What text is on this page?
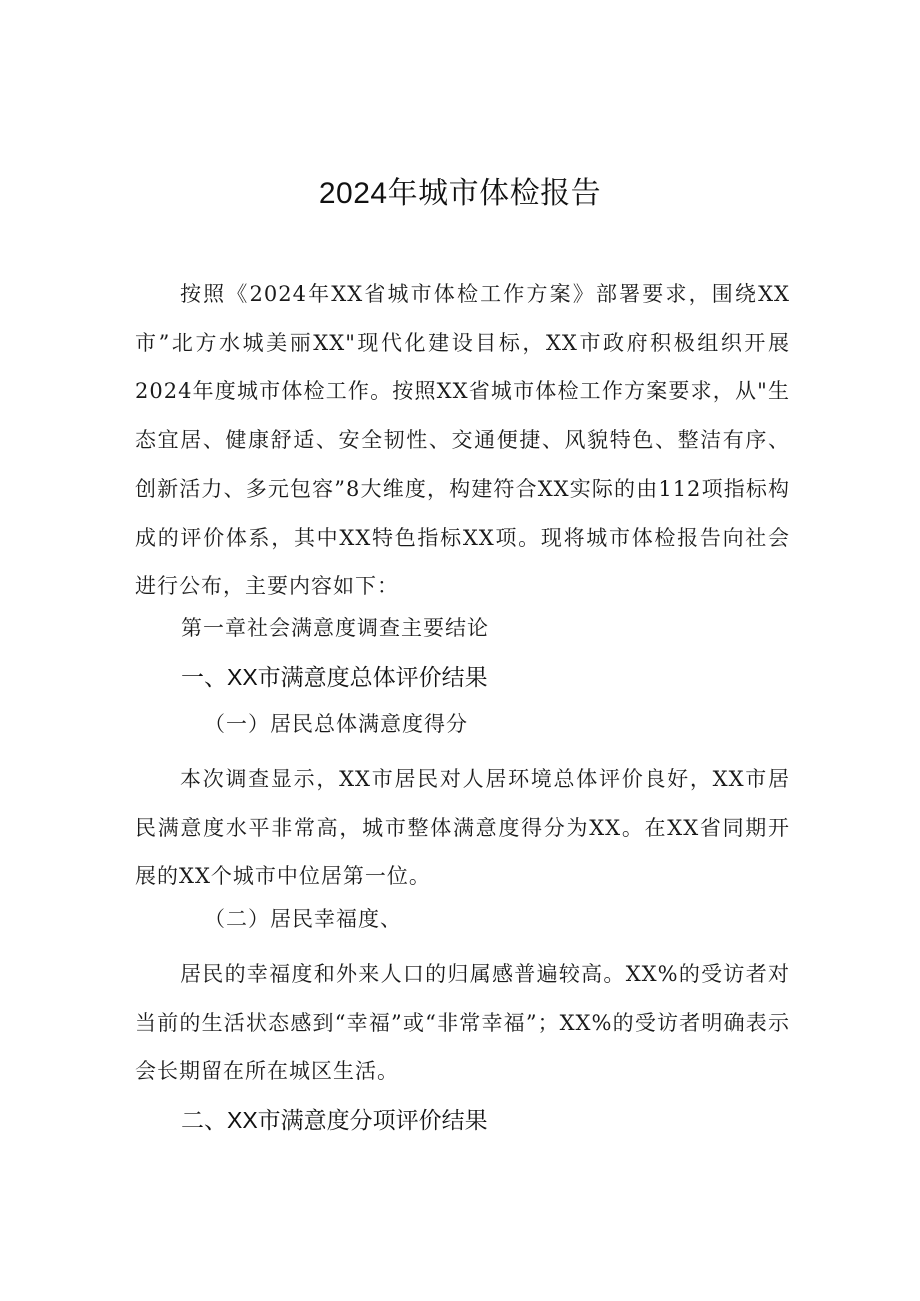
2024年城市体检报告

按照《2024年XX省城市体检工作方案》部署要求，围绕XX市”北方水城美丽XX"现代化建设目标，XX市政府积极组织开展2024年度城市体检工作。按照XX省城市体检工作方案要求，从"生态宜居、健康舒适、安全韧性、交通便捷、风貌特色、整洁有序、创新活力、多元包容”8大维度，构建符合XX实际的由112项指标构成的评价体系，其中XX特色指标XX项。现将城市体检报告向社会进行公布，主要内容如下：

第一章社会满意度调查主要结论

一、XX市满意度总体评价结果

（一）居民总体满意度得分

本次调查显示，XX市居民对人居环境总体评价良好，XX市居民满意度水平非常高，城市整体满意度得分为XX。在XX省同期开展的XX个城市中位居第一位。

（二）居民幸福度、

居民的幸福度和外来人口的归属感普遍较高。XX%的受访者对当前的生活状态感到“幸福”或“非常幸福”；XX%的受访者明确表示会长期留在所在城区生活。

二、XX市满意度分项评价结果
